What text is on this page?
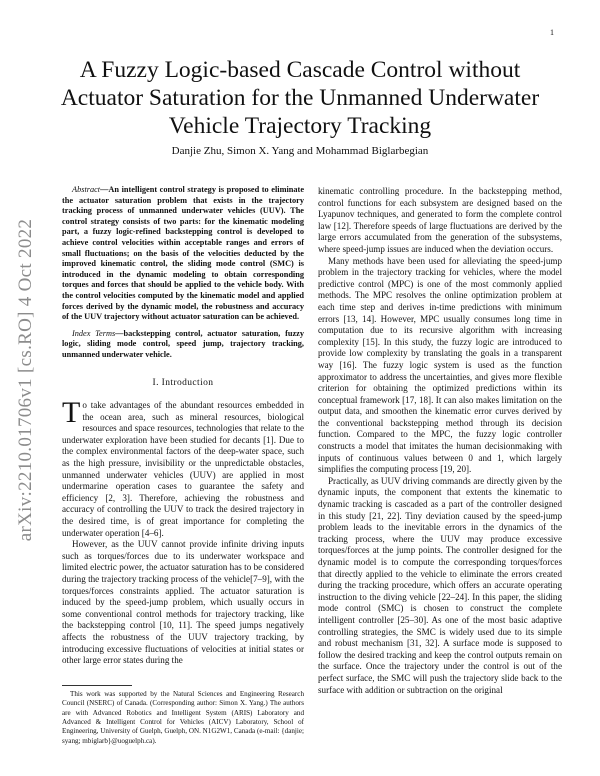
1
arXiv:2210.01706v1 [cs.RO] 4 Oct 2022
A Fuzzy Logic-based Cascade Control without Actuator Saturation for the Unmanned Underwater Vehicle Trajectory Tracking
Danjie Zhu, Simon X. Yang and Mohammad Biglarbegian

Abstract—An intelligent control strategy is proposed to eliminate the actuator saturation problem that exists in the trajectory tracking process of unmanned underwater vehicles (UUV). The control strategy consists of two parts: for the kinematic modeling part, a fuzzy logic-refined backstepping control is developed to achieve control velocities within acceptable ranges and errors of small fluctuations; on the basis of the velocities deducted by the improved kinematic control, the sliding mode control (SMC) is introduced in the dynamic modeling to obtain corresponding torques and forces that should be applied to the vehicle body. With the control velocities computed by the kinematic model and applied forces derived by the dynamic model, the robustness and accuracy of the UUV trajectory without actuator saturation can be achieved.

Index Terms—backstepping control, actuator saturation, fuzzy logic, sliding mode control, speed jump, trajectory tracking, unmanned underwater vehicle.

I. Introduction

To take advantages of the abundant resources embedded in the ocean area, such as mineral resources, biological resources and space resources, technologies that relate to the underwater exploration have been studied for decants [1]. Due to the complex environmental factors of the deep-water space, such as the high pressure, invisibility or the unpredictable obstacles, unmanned underwater vehicles (UUV) are applied in most undermarine operation cases to guarantee the safety and efficiency [2, 3]. Therefore, achieving the robustness and accuracy of controlling the UUV to track the desired trajectory in the desired time, is of great importance for completing the underwater operation [4–6].

However, as the UUV cannot provide infinite driving inputs such as torques/forces due to its underwater workspace and limited electric power, the actuator saturation has to be considered during the trajectory tracking process of the vehicle[7–9], with the torques/forces constraints applied. The actuator saturation is induced by the speed-jump problem, which usually occurs in some conventional control methods for trajectory tracking, like the backstepping control [10, 11]. The speed jumps negatively affects the robustness of the UUV trajectory tracking, by introducing excessive fluctuations of velocities at initial states or other large error states during the

This work was supported by the Natural Sciences and Engineering Research Council (NSERC) of Canada. (Corresponding author: Simon X. Yang.) The authors are with Advanced Robotics and Intelligent System (ARIS) Laboratory and Advanced & Intelligent Control for Vehicles (AICV) Laboratory, School of Engineering, University of Guelph, Guelph, ON. N1G2W1, Canada (e-mail: {danjie; syang; mbiglarb}@uoguelph.ca).

kinematic controlling procedure. In the backstepping method, control functions for each subsystem are designed based on the Lyapunov techniques, and generated to form the complete control law [12]. Therefore speeds of large fluctuations are derived by the large errors accumulated from the generation of the subsystems, where speed-jump issues are induced when the deviation occurs.

Many methods have been used for alleviating the speed-jump problem in the trajectory tracking for vehicles, where the model predictive control (MPC) is one of the most commonly applied methods. The MPC resolves the online optimization problem at each time step and derives in-time predictions with minimum errors [13, 14]. However, MPC usually consumes long time in computation due to its recursive algorithm with increasing complexity [15]. In this study, the fuzzy logic are introduced to provide low complexity by translating the goals in a transparent way [16]. The fuzzy logic system is used as the function approximator to address the uncertainties, and gives more flexible criterion for obtaining the optimized predictions within its conceptual framework [17, 18]. It can also makes limitation on the output data, and smoothen the kinematic error curves derived by the conventional backstepping method through its decision function. Compared to the MPC, the fuzzy logic controller constructs a model that imitates the human decisionmaking with inputs of continuous values between 0 and 1, which largely simplifies the computing process [19, 20].

Practically, as UUV driving commands are directly given by the dynamic inputs, the component that extents the kinematic to dynamic tracking is cascaded as a part of the controller designed in this study [21, 22]. Tiny deviation caused by the speed-jump problem leads to the inevitable errors in the dynamics of the tracking process, where the UUV may produce excessive torques/forces at the jump points. The controller designed for the dynamic model is to compute the corresponding torques/forces that directly applied to the vehicle to eliminate the errors created during the tracking procedure, which offers an accurate operating instruction to the diving vehicle [22–24]. In this paper, the sliding mode control (SMC) is chosen to construct the complete intelligent controller [25–30]. As one of the most basic adaptive controlling strategies, the SMC is widely used due to its simple and robust mechanism [31, 32]. A surface mode is supposed to follow the desired tracking and keep the control outputs remain on the surface. Once the trajectory under the control is out of the perfect surface, the SMC will push the trajectory slide back to the surface with addition or subtraction on the original
